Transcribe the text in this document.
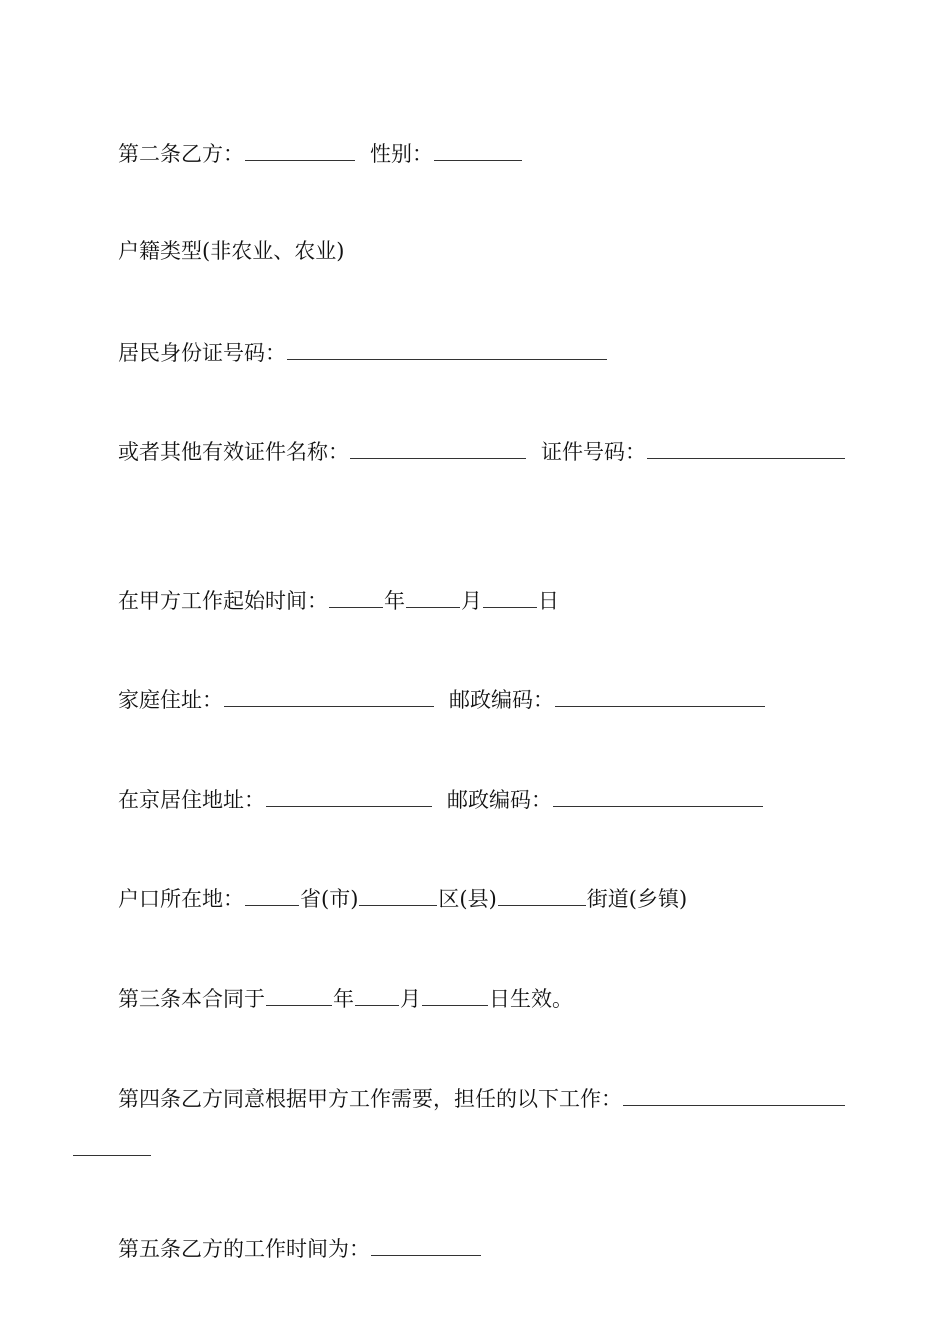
第二条乙方：	性别：
户籍类型(非农业、农业)
居民身份证号码：
或者其他有效证件名称：	证件号码：
在甲方工作起始时间：	年	月	日
家庭住址：	邮政编码：
在京居住地址：	邮政编码：
户口所在地：	省(市)	区(县)	街道(乡镇)
第三条本合同于	年 月	日生效。
第四条乙方同意根据甲方工作需要，担任的以下工作：
第五条乙方的工作时间为：
